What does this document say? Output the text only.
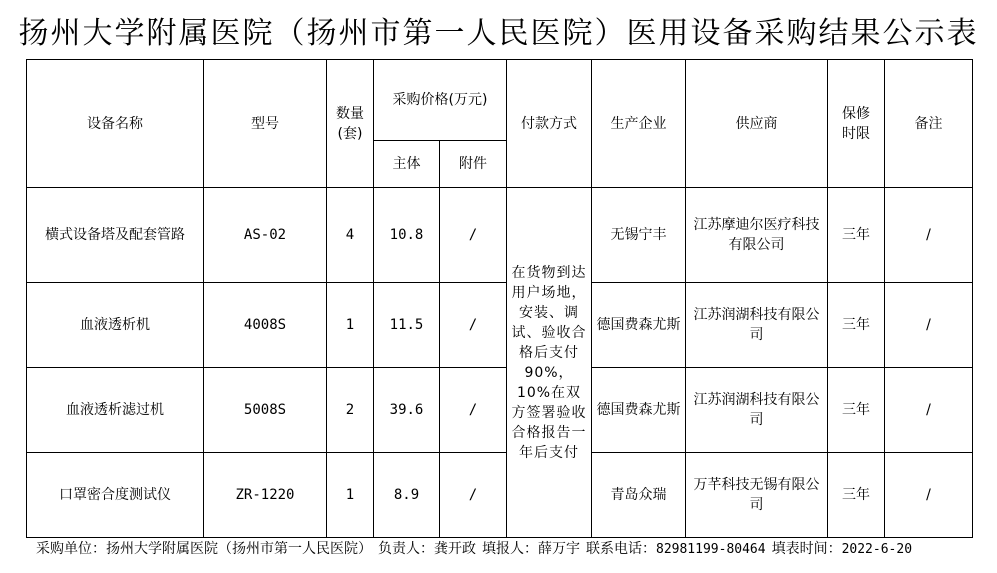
扬州大学附属医院（扬州市第一人民医院）医用设备采购结果公示表
设备名称	型号	数量(套)	采购价格(万元)		付款方式	生产企业	供应商	保修时限	备注
			主体	附件					
横式设备塔及配套管路	AS-02	4	10.8	/	在货物到达用户场地，安装、调试、验收合格后支付 90%，10%在双方签署验收合格报告一年后支付	无锡宁丰	江苏摩迪尔医疗科技有限公司	三年	/
血液透析机	4008S	1	11.5	/		德国费森尤斯	江苏润湖科技有限公司	三年	/
血液透析滤过机	5008S	2	39.6	/		德国费森尤斯	江苏润湖科技有限公司	三年	/
口罩密合度测试仪	ZR-1220	1	8.9	/		青岛众瑞	万芊科技无锡有限公司	三年	/
采购单位：扬州大学附属医院（扬州市第一人民医院） 负责人：龚开政 填报人：薛万宇 联系电话：82981199-80464 填表时间：2022-6-20
